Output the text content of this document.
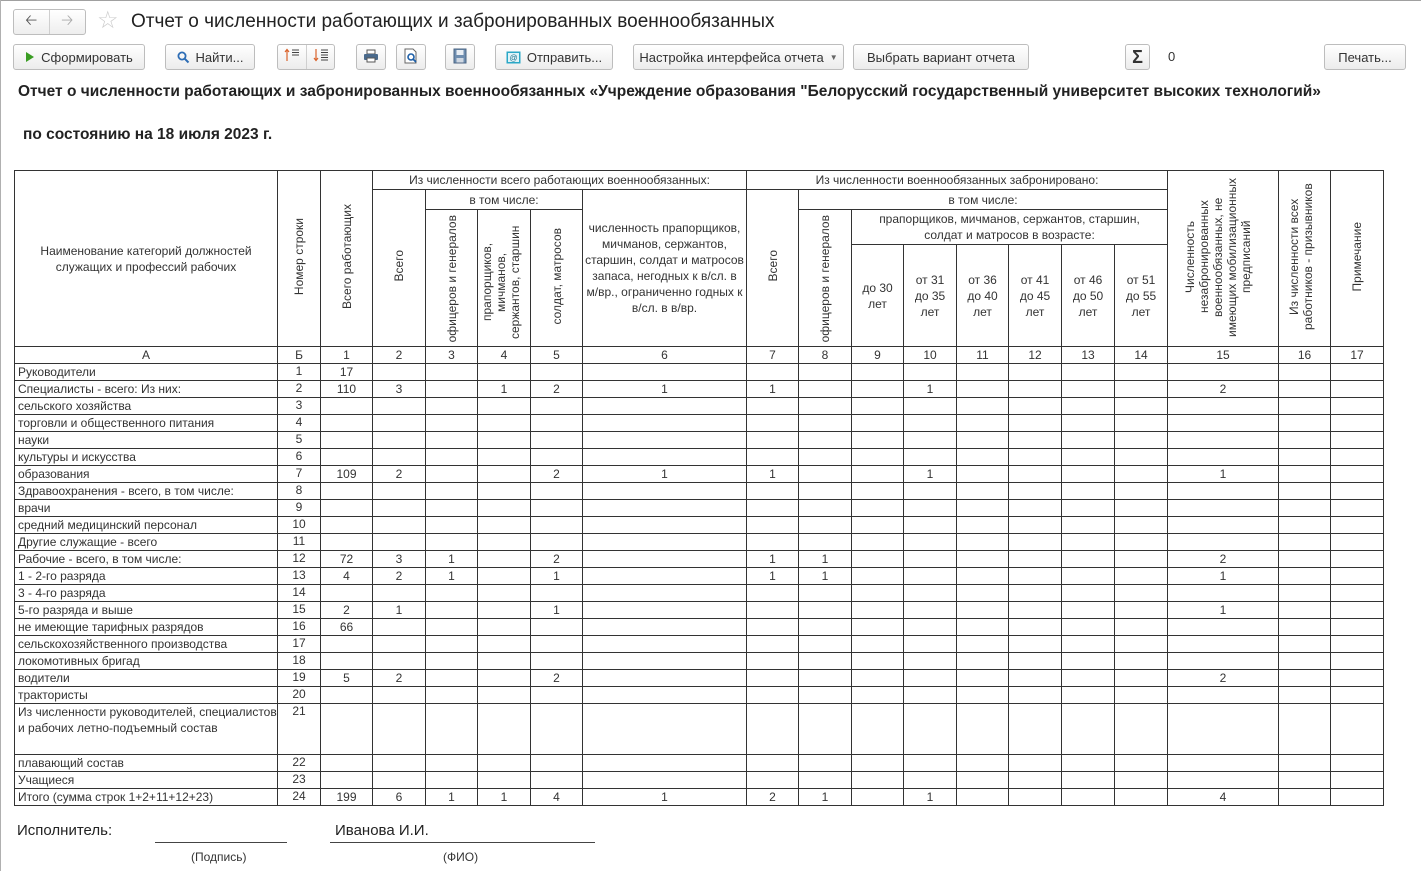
🡠 🡢 ☆ Отчет о численности работающих и забронированных военнообязанных
Сформировать	Найти...	@ Отправить...	Настройка интерфейса отчета ▼ Выбрать вариант отчета	Σ 0	Печать...
Отчет о численности работающих и забронированных военнообязанных «Учреждение образования "Белорусский государственный университет высоких технологий»
по состоянию на 18 июля 2023 г.
Наименование категорий должностей служащих и профессий рабочих	Номер строки	Всего работающих	Из численности всего работающих военнообязанных:					Из численности военнообязанных забронировано:								Численность незабронированных военнообязанных, не имеющих мобилизационных предписаний	Из численности всех работников - призывников	Примечание
			Всего	в том числе:			численность прапорщиков, мичманов, сержантов, старшин, солдат и матросов запаса, негодных к в/сл. в м/вр., ограниченно годных к в/сл. в в/вр.	Всего	в том числе:									
				офицеров и генералов	прапорщиков, мичманов, сержантов, старшин	солдат, матросов			офицеров и генералов	прапорщиков, мичманов, сержантов, старшин, солдат и матросов в возрасте:								
										до 30 лет	от 31 до 35 лет	от 36 до 40 лет	от 41 до 45 лет	от 46 до 50 лет	от 51 до 55 лет			
А	Б	1	2	3	4	5	6	7	8	9	10	11	12	13	14	15	16	17
Руководители	1	17																
Специалисты - всего: Из них:	2	110	3		1	2	1	1			1					2		
сельского хозяйства	3																	
торговли и общественного питания	4																	
науки	5																	
культуры и искусства	6																	
образования	7	109	2			2	1	1			1					1		
Здравоохранения - всего, в том числе:	8																	
врачи	9																	
средний медицинский персонал	10																	
Другие служащие - всего	11																	
Рабочие - всего, в том числе:	12	72	3	1		2		1	1							2		
1 - 2-го разряда	13	4	2	1		1		1	1							1		
3 - 4-го разряда	14																	
5-го разряда и выше	15	2	1			1										1		
не имеющие тарифных разрядов	16	66																
сельскохозяйственного производства	17																	
локомотивных бригад	18																	
водители	19	5	2			2										2		
трактористы	20																	
Из численности руководителей, специалистов и рабочих летно-подъемный состав	21																	
плавающий состав	22																	
Учащиеся	23																	
Итого (сумма строк 1+2+11+12+23)	24	199	6	1	1	4	1	2	1		1					4		
Исполнитель:	Иванова И.И.
(Подпись)	(ФИО)
